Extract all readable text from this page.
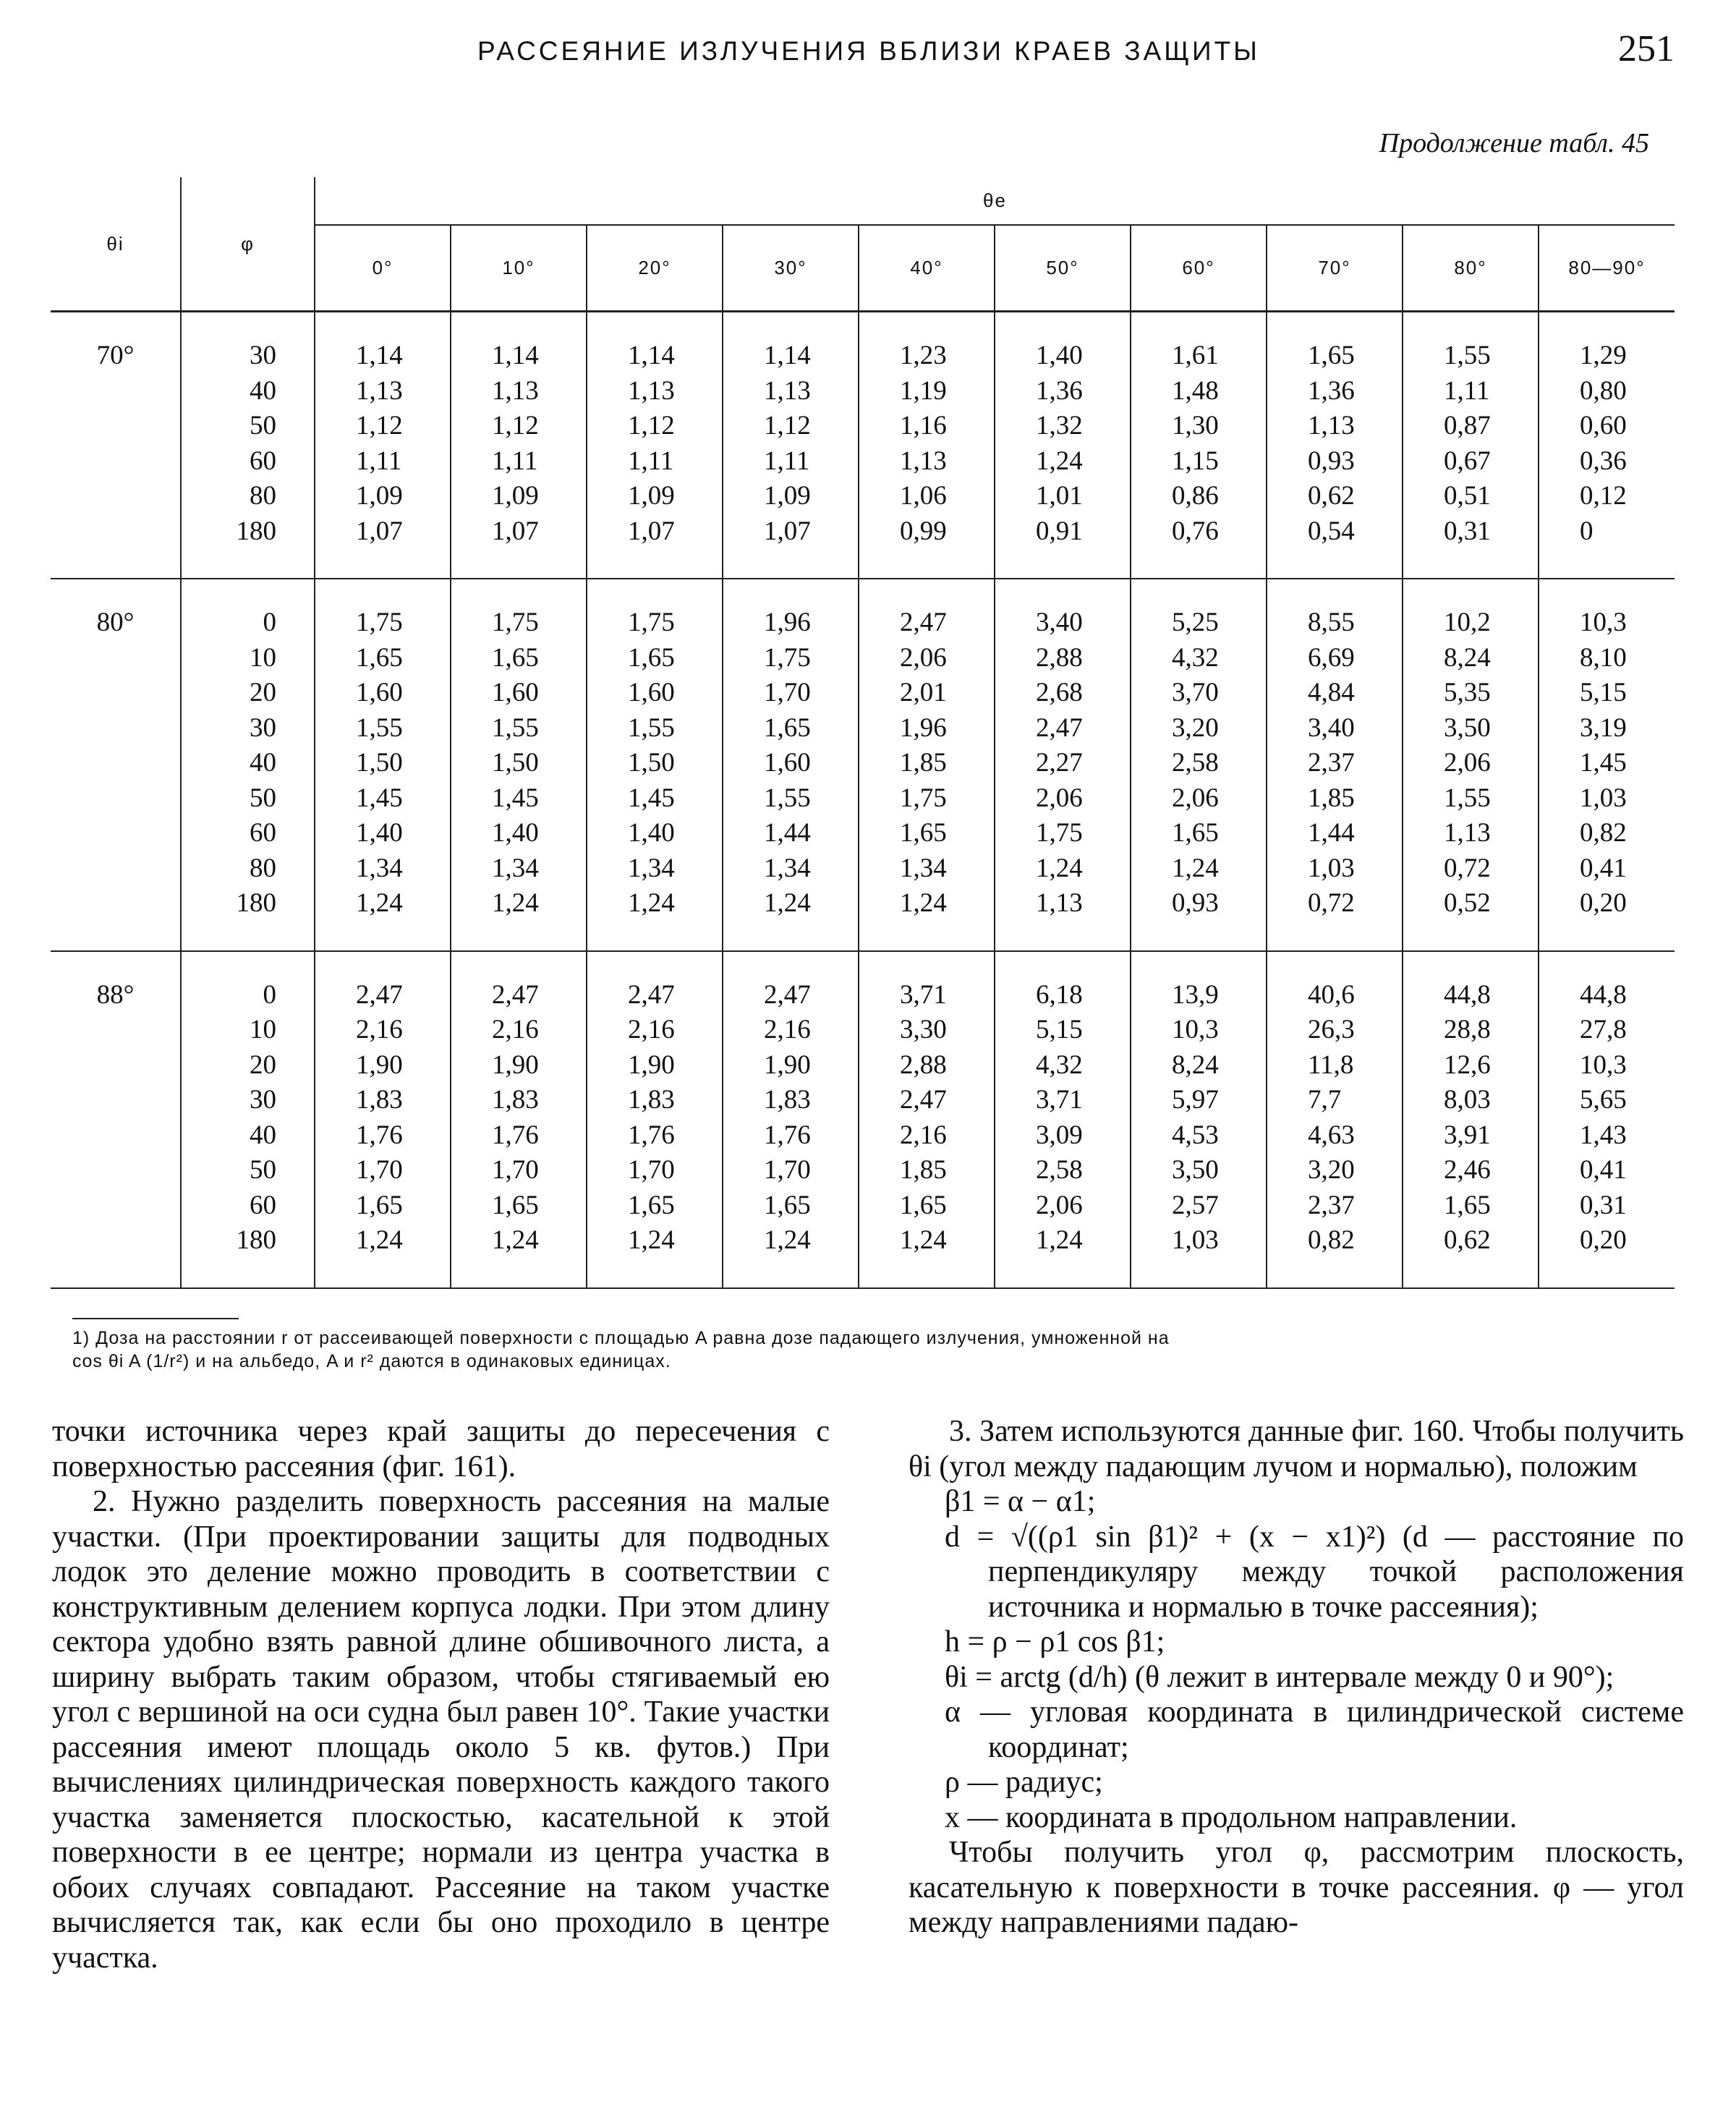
РАССЕЯНИЕ ИЗЛУЧЕНИЯ ВБЛИЗИ КРАЕВ ЗАЩИТЫ	251
Продолжение табл. 45
θi	φ	θe									
		0°	10°	20°	30°	40°	50°	60°	70°	80°	80—90°
70°	30	1,14	1,14	1,14	1,14	1,23	1,40	1,61	1,65	1,55	1,29
	40	1,13	1,13	1,13	1,13	1,19	1,36	1,48	1,36	1,11	0,80
	50	1,12	1,12	1,12	1,12	1,16	1,32	1,30	1,13	0,87	0,60
	60	1,11	1,11	1,11	1,11	1,13	1,24	1,15	0,93	0,67	0,36
	80	1,09	1,09	1,09	1,09	1,06	1,01	0,86	0,62	0,51	0,12
	180	1,07	1,07	1,07	1,07	0,99	0,91	0,76	0,54	0,31	0
80°	0	1,75	1,75	1,75	1,96	2,47	3,40	5,25	8,55	10,2	10,3
	10	1,65	1,65	1,65	1,75	2,06	2,88	4,32	6,69	8,24	8,10
	20	1,60	1,60	1,60	1,70	2,01	2,68	3,70	4,84	5,35	5,15
	30	1,55	1,55	1,55	1,65	1,96	2,47	3,20	3,40	3,50	3,19
	40	1,50	1,50	1,50	1,60	1,85	2,27	2,58	2,37	2,06	1,45
	50	1,45	1,45	1,45	1,55	1,75	2,06	2,06	1,85	1,55	1,03
	60	1,40	1,40	1,40	1,44	1,65	1,75	1,65	1,44	1,13	0,82
	80	1,34	1,34	1,34	1,34	1,34	1,24	1,24	1,03	0,72	0,41
	180	1,24	1,24	1,24	1,24	1,24	1,13	0,93	0,72	0,52	0,20
88°	0	2,47	2,47	2,47	2,47	3,71	6,18	13,9	40,6	44,8	44,8
	10	2,16	2,16	2,16	2,16	3,30	5,15	10,3	26,3	28,8	27,8
	20	1,90	1,90	1,90	1,90	2,88	4,32	8,24	11,8	12,6	10,3
	30	1,83	1,83	1,83	1,83	2,47	3,71	5,97	7,7	8,03	5,65
	40	1,76	1,76	1,76	1,76	2,16	3,09	4,53	4,63	3,91	1,43
	50	1,70	1,70	1,70	1,70	1,85	2,58	3,50	3,20	2,46	0,41
	60	1,65	1,65	1,65	1,65	1,65	2,06	2,57	2,37	1,65	0,31
	180	1,24	1,24	1,24	1,24	1,24	1,24	1,03	0,82	0,62	0,20
1) Доза на расстоянии r от рассеивающей поверхности с площадью A равна дозе падающего излучения, умноженной на
cos θi A (1/r²) и на альбедо, A и r² даются в одинаковых единицах.

точки источника через край защиты до пересечения с поверхностью рассеяния (фиг. 161).

2. Нужно разделить поверхность рассеяния на малые участки. (При проектировании защиты для подводных лодок это деление можно проводить в соответствии с конструктивным делением корпуса лодки. При этом длину сектора удобно взять равной длине обшивочного листа, а ширину выбрать таким образом, чтобы стягиваемый ею угол с вершиной на оси судна был равен 10°. Такие участки рассеяния имеют площадь около 5 кв. футов.) При вычислениях цилиндрическая поверхность каждого такого участка заменяется плоскостью, касательной к этой поверхности в ее центре; нормали из центра участка в обоих случаях совпадают. Рассеяние на таком участке вычисляется так, как если бы оно проходило в центре участка.

3. Затем используются данные фиг. 160. Чтобы получить θi (угол между падающим лучом и нормалью), положим

β1 = α − α1;

d = √((ρ1 sin β1)² + (x − x1)²) (d — расстояние по перпендикуляру между точкой расположения источника и нормалью в точке рассеяния);

h = ρ − ρ1 cos β1;

θi = arctg (d/h) (θ лежит в интервале между 0 и 90°);

α — угловая координата в цилиндрической системе координат;

ρ — радиус;

x — координата в продольном направлении.

Чтобы получить угол φ, рассмотрим плоскость, касательную к поверхности в точке рассеяния. φ — угол между направлениями падаю-
